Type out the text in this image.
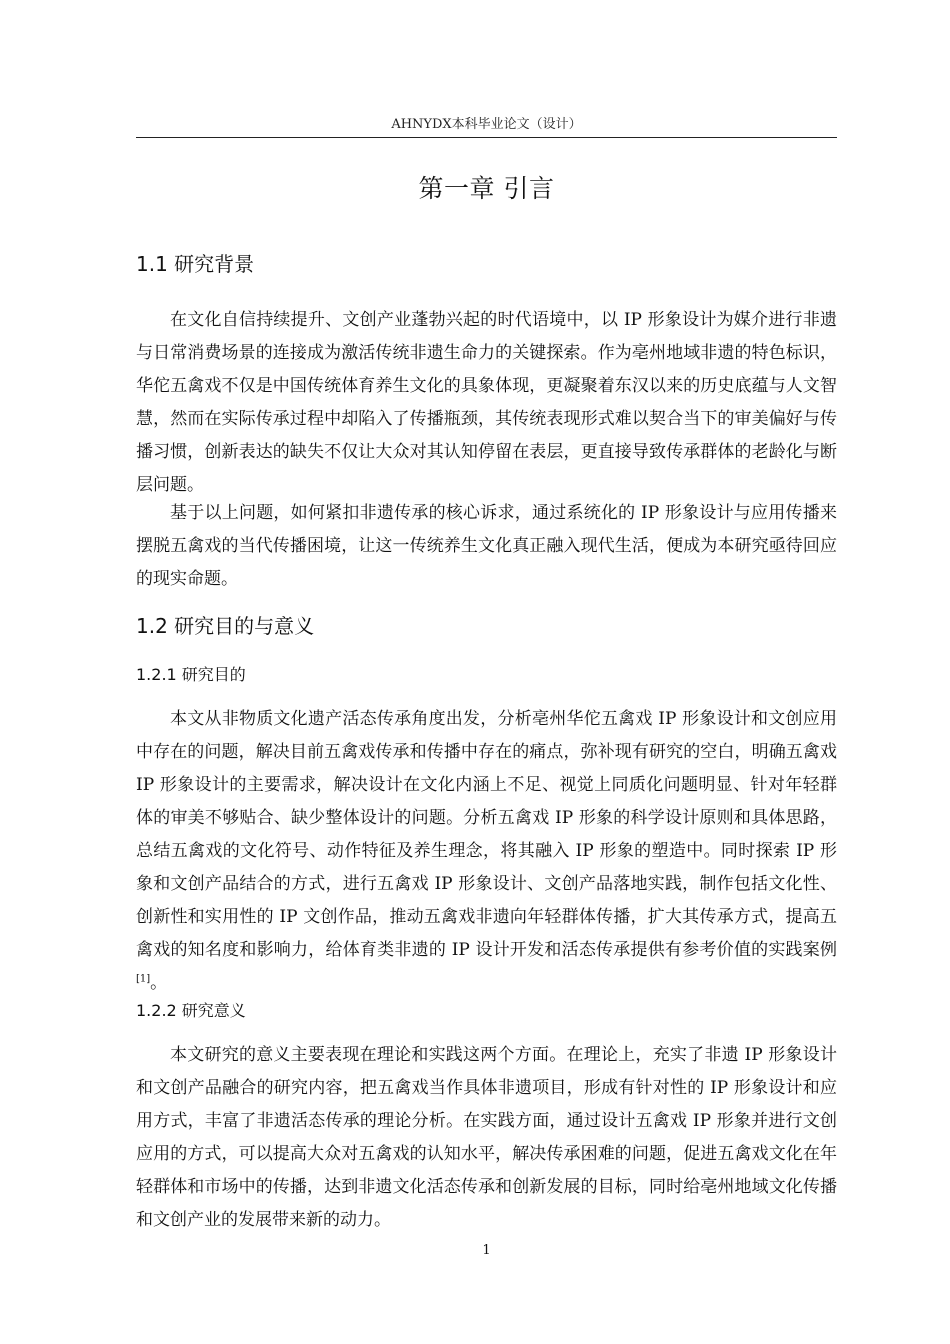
AHNYDX本科毕业论文（设计）
第一章 引言
1.1 研究背景

在文化自信持续提升、文创产业蓬勃兴起的时代语境中，以 IP 形象设计为媒介进行非遗与日常消费场景的连接成为激活传统非遗生命力的关键探索。作为亳州地域非遗的特色标识，华佗五禽戏不仅是中国传统体育养生文化的具象体现，更凝聚着东汉以来的历史底蕴与人文智慧，然而在实际传承过程中却陷入了传播瓶颈，其传统表现形式难以契合当下的审美偏好与传播习惯，创新表达的缺失不仅让大众对其认知停留在表层，更直接导致传承群体的老龄化与断层问题。

基于以上问题，如何紧扣非遗传承的核心诉求，通过系统化的 IP 形象设计与应用传播来摆脱五禽戏的当代传播困境，让这一传统养生文化真正融入现代生活，便成为本研究亟待回应的现实命题。

1.2 研究目的与意义
1.2.1 研究目的

本文从非物质文化遗产活态传承角度出发，分析亳州华佗五禽戏 IP 形象设计和文创应用中存在的问题，解决目前五禽戏传承和传播中存在的痛点，弥补现有研究的空白，明确五禽戏 IP 形象设计的主要需求，解决设计在文化内涵上不足、视觉上同质化问题明显、针对年轻群体的审美不够贴合、缺少整体设计的问题。分析五禽戏 IP 形象的科学设计原则和具体思路，总结五禽戏的文化符号、动作特征及养生理念，将其融入 IP 形象的塑造中。同时探索 IP 形象和文创产品结合的方式，进行五禽戏 IP 形象设计、文创产品落地实践，制作包括文化性、创新性和实用性的 IP 文创作品，推动五禽戏非遗向年轻群体传播，扩大其传承方式，提高五禽戏的知名度和影响力，给体育类非遗的 IP 设计开发和活态传承提供有参考价值的实践案例[1]。

1.2.2 研究意义

本文研究的意义主要表现在理论和实践这两个方面。在理论上，充实了非遗 IP 形象设计和文创产品融合的研究内容，把五禽戏当作具体非遗项目，形成有针对性的 IP 形象设计和应用方式，丰富了非遗活态传承的理论分析。在实践方面，通过设计五禽戏 IP 形象并进行文创应用的方式，可以提高大众对五禽戏的认知水平，解决传承困难的问题，促进五禽戏文化在年轻群体和市场中的传播，达到非遗文化活态传承和创新发展的目标，同时给亳州地域文化传播和文创产业的发展带来新的动力。

1
